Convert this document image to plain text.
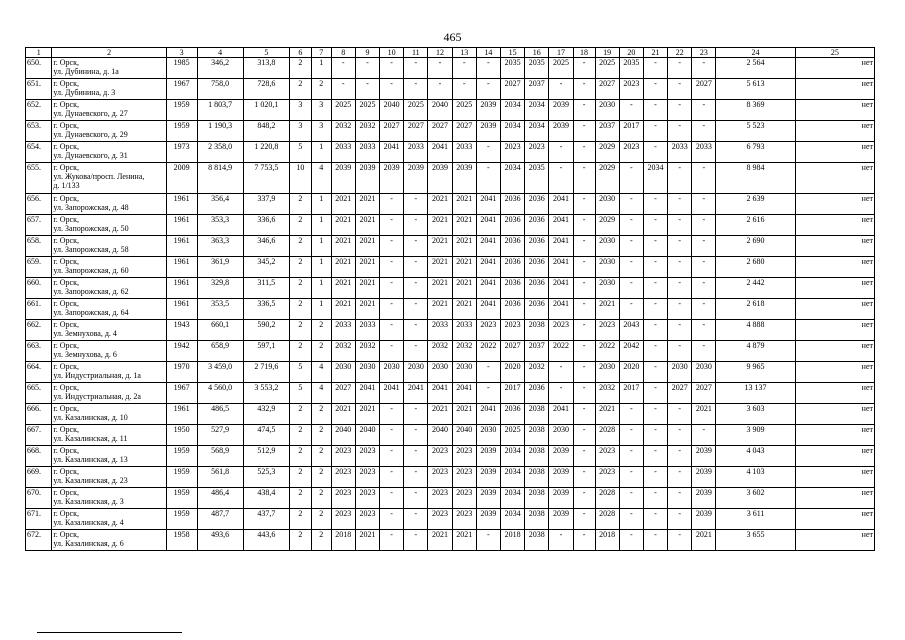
465
1	2	3	4	5	6	7	8	9	10	11	12	13	14	15	16	17	18	19	20	21	22	23	24	25
650.	г. Орск,
ул. Дубинина, д. 1а	1985	346,2	313,8	2	1	-	-	-	-	-	-	-	2035	2035	2025	-	2025	2035	-	-	-	2 564	нет
651.	г. Орск,
ул. Дубинина, д. 3	1967	758,0	728,6	2	2	-	-	-	-	-	-	-	2027	2037	-	-	2027	2023	-	-	2027	5 613	нет
652.	г. Орск,
ул. Дунаевского, д. 27	1959	1 803,7	1 020,1	3	3	2025	2025	2040	2025	2040	2025	2039	2034	2034	2039	-	2030	-	-	-	-	8 369	нет
653.	г. Орск,
ул. Дунаевского, д. 29	1959	1 190,3	848,2	3	3	2032	2032	2027	2027	2027	2027	2039	2034	2034	2039	-	2037	2017	-	-	-	5 523	нет
654.	г. Орск,
ул. Дунаевского, д. 31	1973	2 358,0	1 220,8	5	1	2033	2033	2041	2033	2041	2033	-	2023	2023	-	-	2029	2023	-	2033	2033	6 793	нет
655.	г. Орск,
ул. Жукова/просп. Ленина,
д. 1/133	2009	8 814,9	7 753,5	10	4	2039	2039	2039	2039	2039	2039	-	2034	2035	-	-	2029	-	2034	-	-	8 984	нет
656.	г. Орск,
ул. Запорожская, д. 48	1961	356,4	337,9	2	1	2021	2021	-	-	2021	2021	2041	2036	2036	2041	-	2030	-	-	-	-	2 639	нет
657.	г. Орск,
ул. Запорожская, д. 50	1961	353,3	336,6	2	1	2021	2021	-	-	2021	2021	2041	2036	2036	2041	-	2029	-	-	-	-	2 616	нет
658.	г. Орск,
ул. Запорожская, д. 58	1961	363,3	346,6	2	1	2021	2021	-	-	2021	2021	2041	2036	2036	2041	-	2030	-	-	-	-	2 690	нет
659.	г. Орск,
ул. Запорожская, д. 60	1961	361,9	345,2	2	1	2021	2021	-	-	2021	2021	2041	2036	2036	2041	-	2030	-	-	-	-	2 680	нет
660.	г. Орск,
ул. Запорожская, д. 62	1961	329,8	311,5	2	1	2021	2021	-	-	2021	2021	2041	2036	2036	2041	-	2030	-	-	-	-	2 442	нет
661.	г. Орск,
ул. Запорожская, д. 64	1961	353,5	336,5	2	1	2021	2021	-	-	2021	2021	2041	2036	2036	2041	-	2021	-	-	-	-	2 618	нет
662.	г. Орск,
ул. Земнухова, д. 4	1943	660,1	590,2	2	2	2033	2033	-	-	2033	2033	2023	2023	2038	2023	-	2023	2043	-	-	-	4 888	нет
663.	г. Орск,
ул. Земнухова, д. 6	1942	658,9	597,1	2	2	2032	2032	-	-	2032	2032	2022	2027	2037	2022	-	2022	2042	-	-	-	4 879	нет
664.	г. Орск,
ул. Индустриальная, д. 1а	1970	3 459,0	2 719,6	5	4	2030	2030	2030	2030	2030	2030	-	2020	2032	-	-	2030	2020	-	2030	2030	9 965	нет
665.	г. Орск,
ул. Индустриальная, д. 2а	1967	4 560,0	3 553,2	5	4	2027	2041	2041	2041	2041	2041	-	2017	2036	-	-	2032	2017	-	2027	2027	13 137	нет
666.	г. Орск,
ул. Казалинская, д. 10	1961	486,5	432,9	2	2	2021	2021	-	-	2021	2021	2041	2036	2038	2041	-	2021	-	-	-	2021	3 603	нет
667.	г. Орск,
ул. Казалинская, д. 11	1950	527,9	474,5	2	2	2040	2040	-	-	2040	2040	2030	2025	2038	2030	-	2028	-	-	-	-	3 909	нет
668.	г. Орск,
ул. Казалинская, д. 13	1959	568,9	512,9	2	2	2023	2023	-	-	2023	2023	2039	2034	2038	2039	-	2023	-	-	-	2039	4 043	нет
669.	г. Орск,
ул. Казалинская, д. 23	1959	561,8	525,3	2	2	2023	2023	-	-	2023	2023	2039	2034	2038	2039	-	2023	-	-	-	2039	4 103	нет
670.	г. Орск,
ул. Казалинская, д. 3	1959	486,4	438,4	2	2	2023	2023	-	-	2023	2023	2039	2034	2038	2039	-	2028	-	-	-	2039	3 602	нет
671.	г. Орск,
ул. Казалинская, д. 4	1959	487,7	437,7	2	2	2023	2023	-	-	2023	2023	2039	2034	2038	2039	-	2028	-	-	-	2039	3 611	нет
672.	г. Орск,
ул. Казалинская, д. 6	1958	493,6	443,6	2	2	2018	2021	-	-	2021	2021	-	2018	2038	-	-	2018	-	-	-	2021	3 655	нет
